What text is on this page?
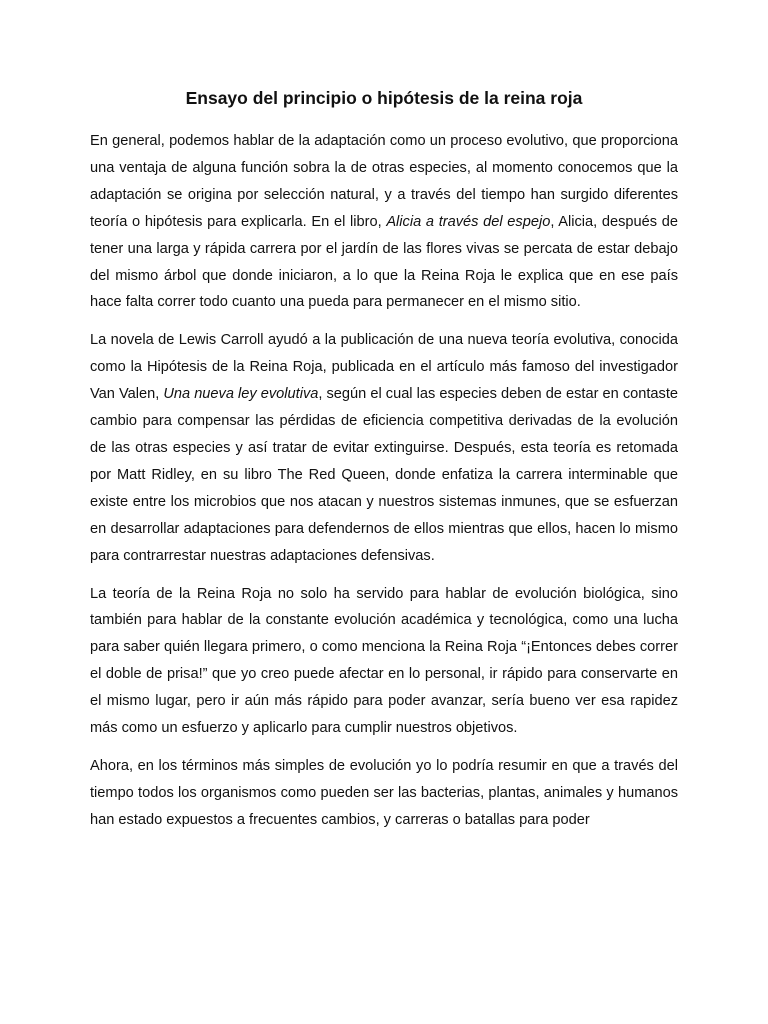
Ensayo del principio o hipótesis de la reina roja

En general, podemos hablar de la adaptación como un proceso evolutivo, que proporciona una ventaja de alguna función sobra la de otras especies, al momento conocemos que la adaptación se origina por selección natural, y a través del tiempo han surgido diferentes teoría o hipótesis para explicarla. En el libro, Alicia a través del espejo, Alicia, después de tener una larga y rápida carrera por el jardín de las flores vivas se percata de estar debajo del mismo árbol que donde iniciaron, a lo que la Reina Roja le explica que en ese país hace falta correr todo cuanto una pueda para permanecer en el mismo sitio.

La novela de Lewis Carroll ayudó a la publicación de una nueva teoría evolutiva, conocida como la Hipótesis de la Reina Roja, publicada en el artículo más famoso del investigador Van Valen, Una nueva ley evolutiva, según el cual las especies deben de estar en contaste cambio para compensar las pérdidas de eficiencia competitiva derivadas de la evolución de las otras especies y así tratar de evitar extinguirse. Después, esta teoría es retomada por Matt Ridley, en su libro The Red Queen, donde enfatiza la carrera interminable que existe entre los microbios que nos atacan y nuestros sistemas inmunes, que se esfuerzan en desarrollar adaptaciones para defendernos de ellos mientras que ellos, hacen lo mismo para contrarrestar nuestras adaptaciones defensivas.

La teoría de la Reina Roja no solo ha servido para hablar de evolución biológica, sino también para hablar de la constante evolución académica y tecnológica, como una lucha para saber quién llegara primero, o como menciona la Reina Roja “¡Entonces debes correr el doble de prisa!” que yo creo puede afectar en lo personal, ir rápido para conservarte en el mismo lugar, pero ir aún más rápido para poder avanzar, sería bueno ver esa rapidez más como un esfuerzo y aplicarlo para cumplir nuestros objetivos.

Ahora, en los términos más simples de evolución yo lo podría resumir en que a través del tiempo todos los organismos como pueden ser las bacterias, plantas, animales y humanos han estado expuestos a frecuentes cambios, y carreras o batallas para poder
